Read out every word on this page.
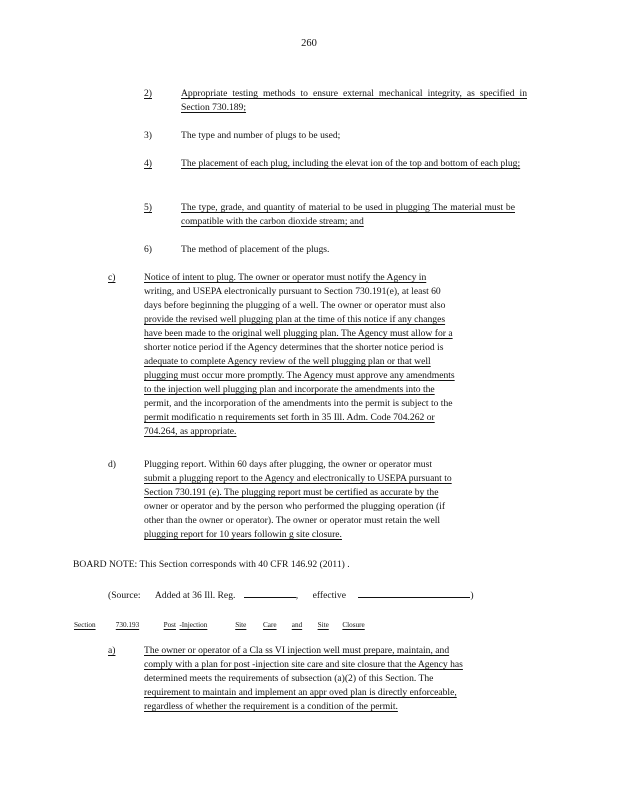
260
2)	Appropriate testing methods to ensure external mechanical integrity, as specified in Section 730.189;
3)	The type and number of plugs to be used;
4)	The placement of each plug, including the elevat ion of the top and bottom of each plug;
5)	The type, grade, and quantity of material to be used in plugging The material must be compatible with the carbon dioxide stream; and
6)	The method of placement of the plugs.
c)	Notice of intent to plug. The owner or operator must notify the Agency in
writing, and USEPA electronically pursuant to Section 730.191(e), at least 60
days before beginning the plugging of a well. The owner or operator must also
provide the revised well plugging plan at the time of this notice if any changes
have been made to the original well plugging plan. The Agency must allow for a
shorter notice period if the Agency determines that the shorter notice period is
adequate to complete Agency review of the well plugging plan or that well
plugging must occur more promptly. The Agency must approve any amendments
to the injection well plugging plan and incorporate the amendments into the
permit, and the incorporation of the amendments into the permit is subject to the
permit modificatio n requirements set forth in 35 Ill. Adm. Code 704.262 or
704.264, as appropriate.
d)	Plugging report. Within 60 days after plugging, the owner or operator must
submit a plugging report to the Agency and electronically to USEPA pursuant to
Section 730.191 (e). The plugging report must be certified as accurate by the
owner or operator and by the person who performed the plugging operation (if
other than the owner or operator). The owner or operator must retain the well
plugging report for 10 years followin g site closure.
BOARD NOTE: This Section corresponds with 40 CFR 146.92 (2011) .
(Source: Added at 36 Ill. Reg.	, effective	)
Section	730.193	Post -Injection	Site Care and Site Closure
a)	The owner or operator of a Cla ss VI injection well must prepare, maintain, and
comply with a plan for post -injection site care and site closure that the Agency has
determined meets the requirements of subsection (a)(2) of this Section. The
requirement to maintain and implement an appr oved plan is directly enforceable,
regardless of whether the requirement is a condition of the permit.
